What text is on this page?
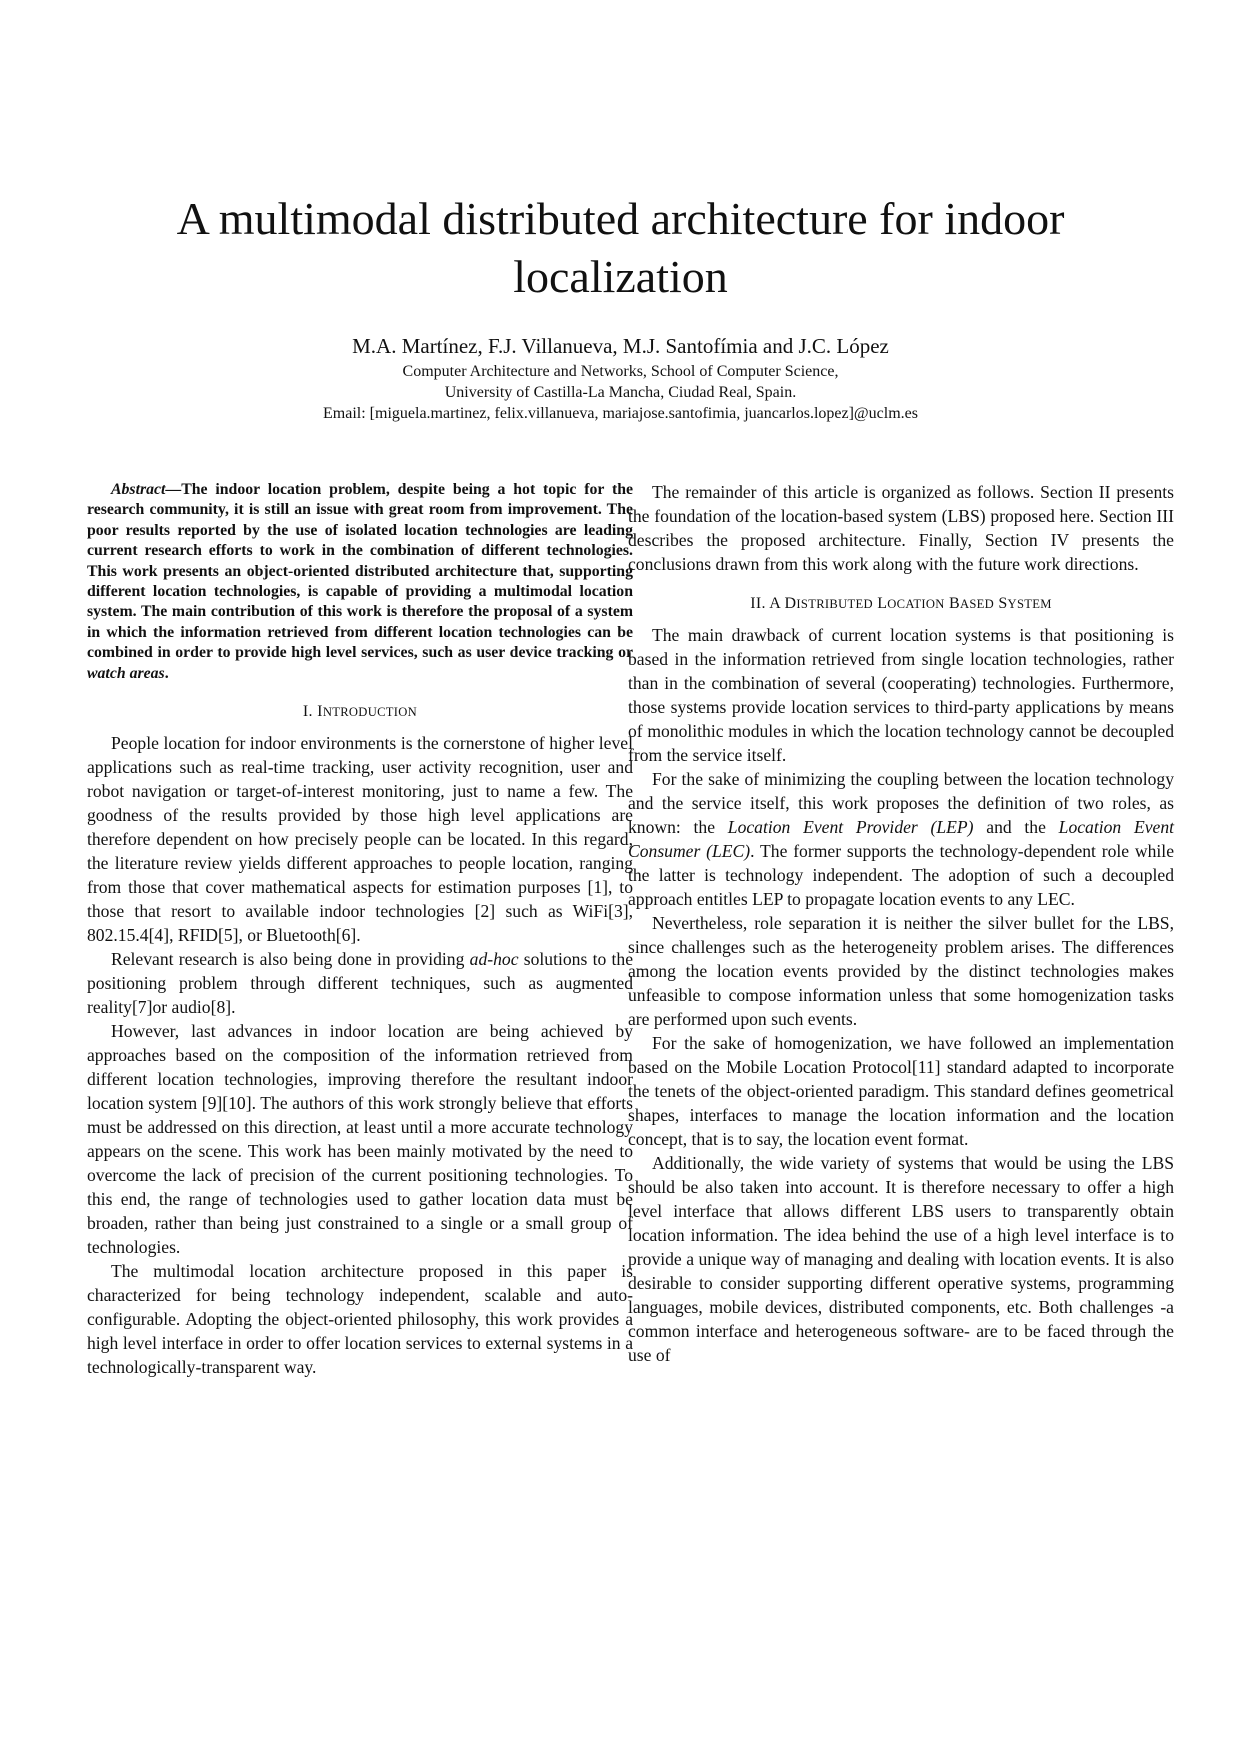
A multimodal distributed architecture for indoor localization
M.A. Martínez, F.J. Villanueva, M.J. Santofímia and J.C. López
Computer Architecture and Networks, School of Computer Science,
University of Castilla-La Mancha, Ciudad Real, Spain.
Email: [miguela.martinez, felix.villanueva, mariajose.santofimia, juancarlos.lopez]@uclm.es

Abstract—The indoor location problem, despite being a hot topic for the research community, it is still an issue with great room from improvement. The poor results reported by the use of isolated location technologies are leading current research efforts to work in the combination of different technologies. This work presents an object-oriented distributed architecture that, supporting different location technologies, is capable of providing a multimodal location system. The main contribution of this work is therefore the proposal of a system in which the information retrieved from different location technologies can be combined in order to provide high level services, such as user device tracking or watch areas.

I. INTRODUCTION

People location for indoor environments is the cornerstone of higher level applications such as real-time tracking, user activity recognition, user and robot navigation or target-of-interest monitoring, just to name a few. The goodness of the results provided by those high level applications are therefore dependent on how precisely people can be located. In this regard, the literature review yields different approaches to people location, ranging from those that cover mathematical aspects for estimation purposes [1], to those that resort to available indoor technologies [2] such as WiFi[3], 802.15.4[4], RFID[5], or Bluetooth[6].

Relevant research is also being done in providing ad-hoc solutions to the positioning problem through different techniques, such as augmented reality[7]or audio[8].

However, last advances in indoor location are being achieved by approaches based on the composition of the information retrieved from different location technologies, improving therefore the resultant indoor location system [9][10]. The authors of this work strongly believe that efforts must be addressed on this direction, at least until a more accurate technology appears on the scene. This work has been mainly motivated by the need to overcome the lack of precision of the current positioning technologies. To this end, the range of technologies used to gather location data must be broaden, rather than being just constrained to a single or a small group of technologies.

The multimodal location architecture proposed in this paper is characterized for being technology independent, scalable and auto-configurable. Adopting the object-oriented philosophy, this work provides a high level interface in order to offer location services to external systems in a technologically-transparent way.

The remainder of this article is organized as follows. Section II presents the foundation of the location-based system (LBS) proposed here. Section III describes the proposed architecture. Finally, Section IV presents the conclusions drawn from this work along with the future work directions.

II. A DISTRIBUTED LOCATION BASED SYSTEM

The main drawback of current location systems is that positioning is based in the information retrieved from single location technologies, rather than in the combination of several (cooperating) technologies. Furthermore, those systems provide location services to third-party applications by means of monolithic modules in which the location technology cannot be decoupled from the service itself.

For the sake of minimizing the coupling between the location technology and the service itself, this work proposes the definition of two roles, as known: the Location Event Provider (LEP) and the Location Event Consumer (LEC). The former supports the technology-dependent role while the latter is technology independent. The adoption of such a decoupled approach entitles LEP to propagate location events to any LEC.

Nevertheless, role separation it is neither the silver bullet for the LBS, since challenges such as the heterogeneity problem arises. The differences among the location events provided by the distinct technologies makes unfeasible to compose information unless that some homogenization tasks are performed upon such events.

For the sake of homogenization, we have followed an implementation based on the Mobile Location Protocol[11] standard adapted to incorporate the tenets of the object-oriented paradigm. This standard defines geometrical shapes, interfaces to manage the location information and the location concept, that is to say, the location event format.

Additionally, the wide variety of systems that would be using the LBS should be also taken into account. It is therefore necessary to offer a high level interface that allows different LBS users to transparently obtain location information. The idea behind the use of a high level interface is to provide a unique way of managing and dealing with location events. It is also desirable to consider supporting different operative systems, programming languages, mobile devices, distributed components, etc. Both challenges -a common interface and heterogeneous software- are to be faced through the use of
